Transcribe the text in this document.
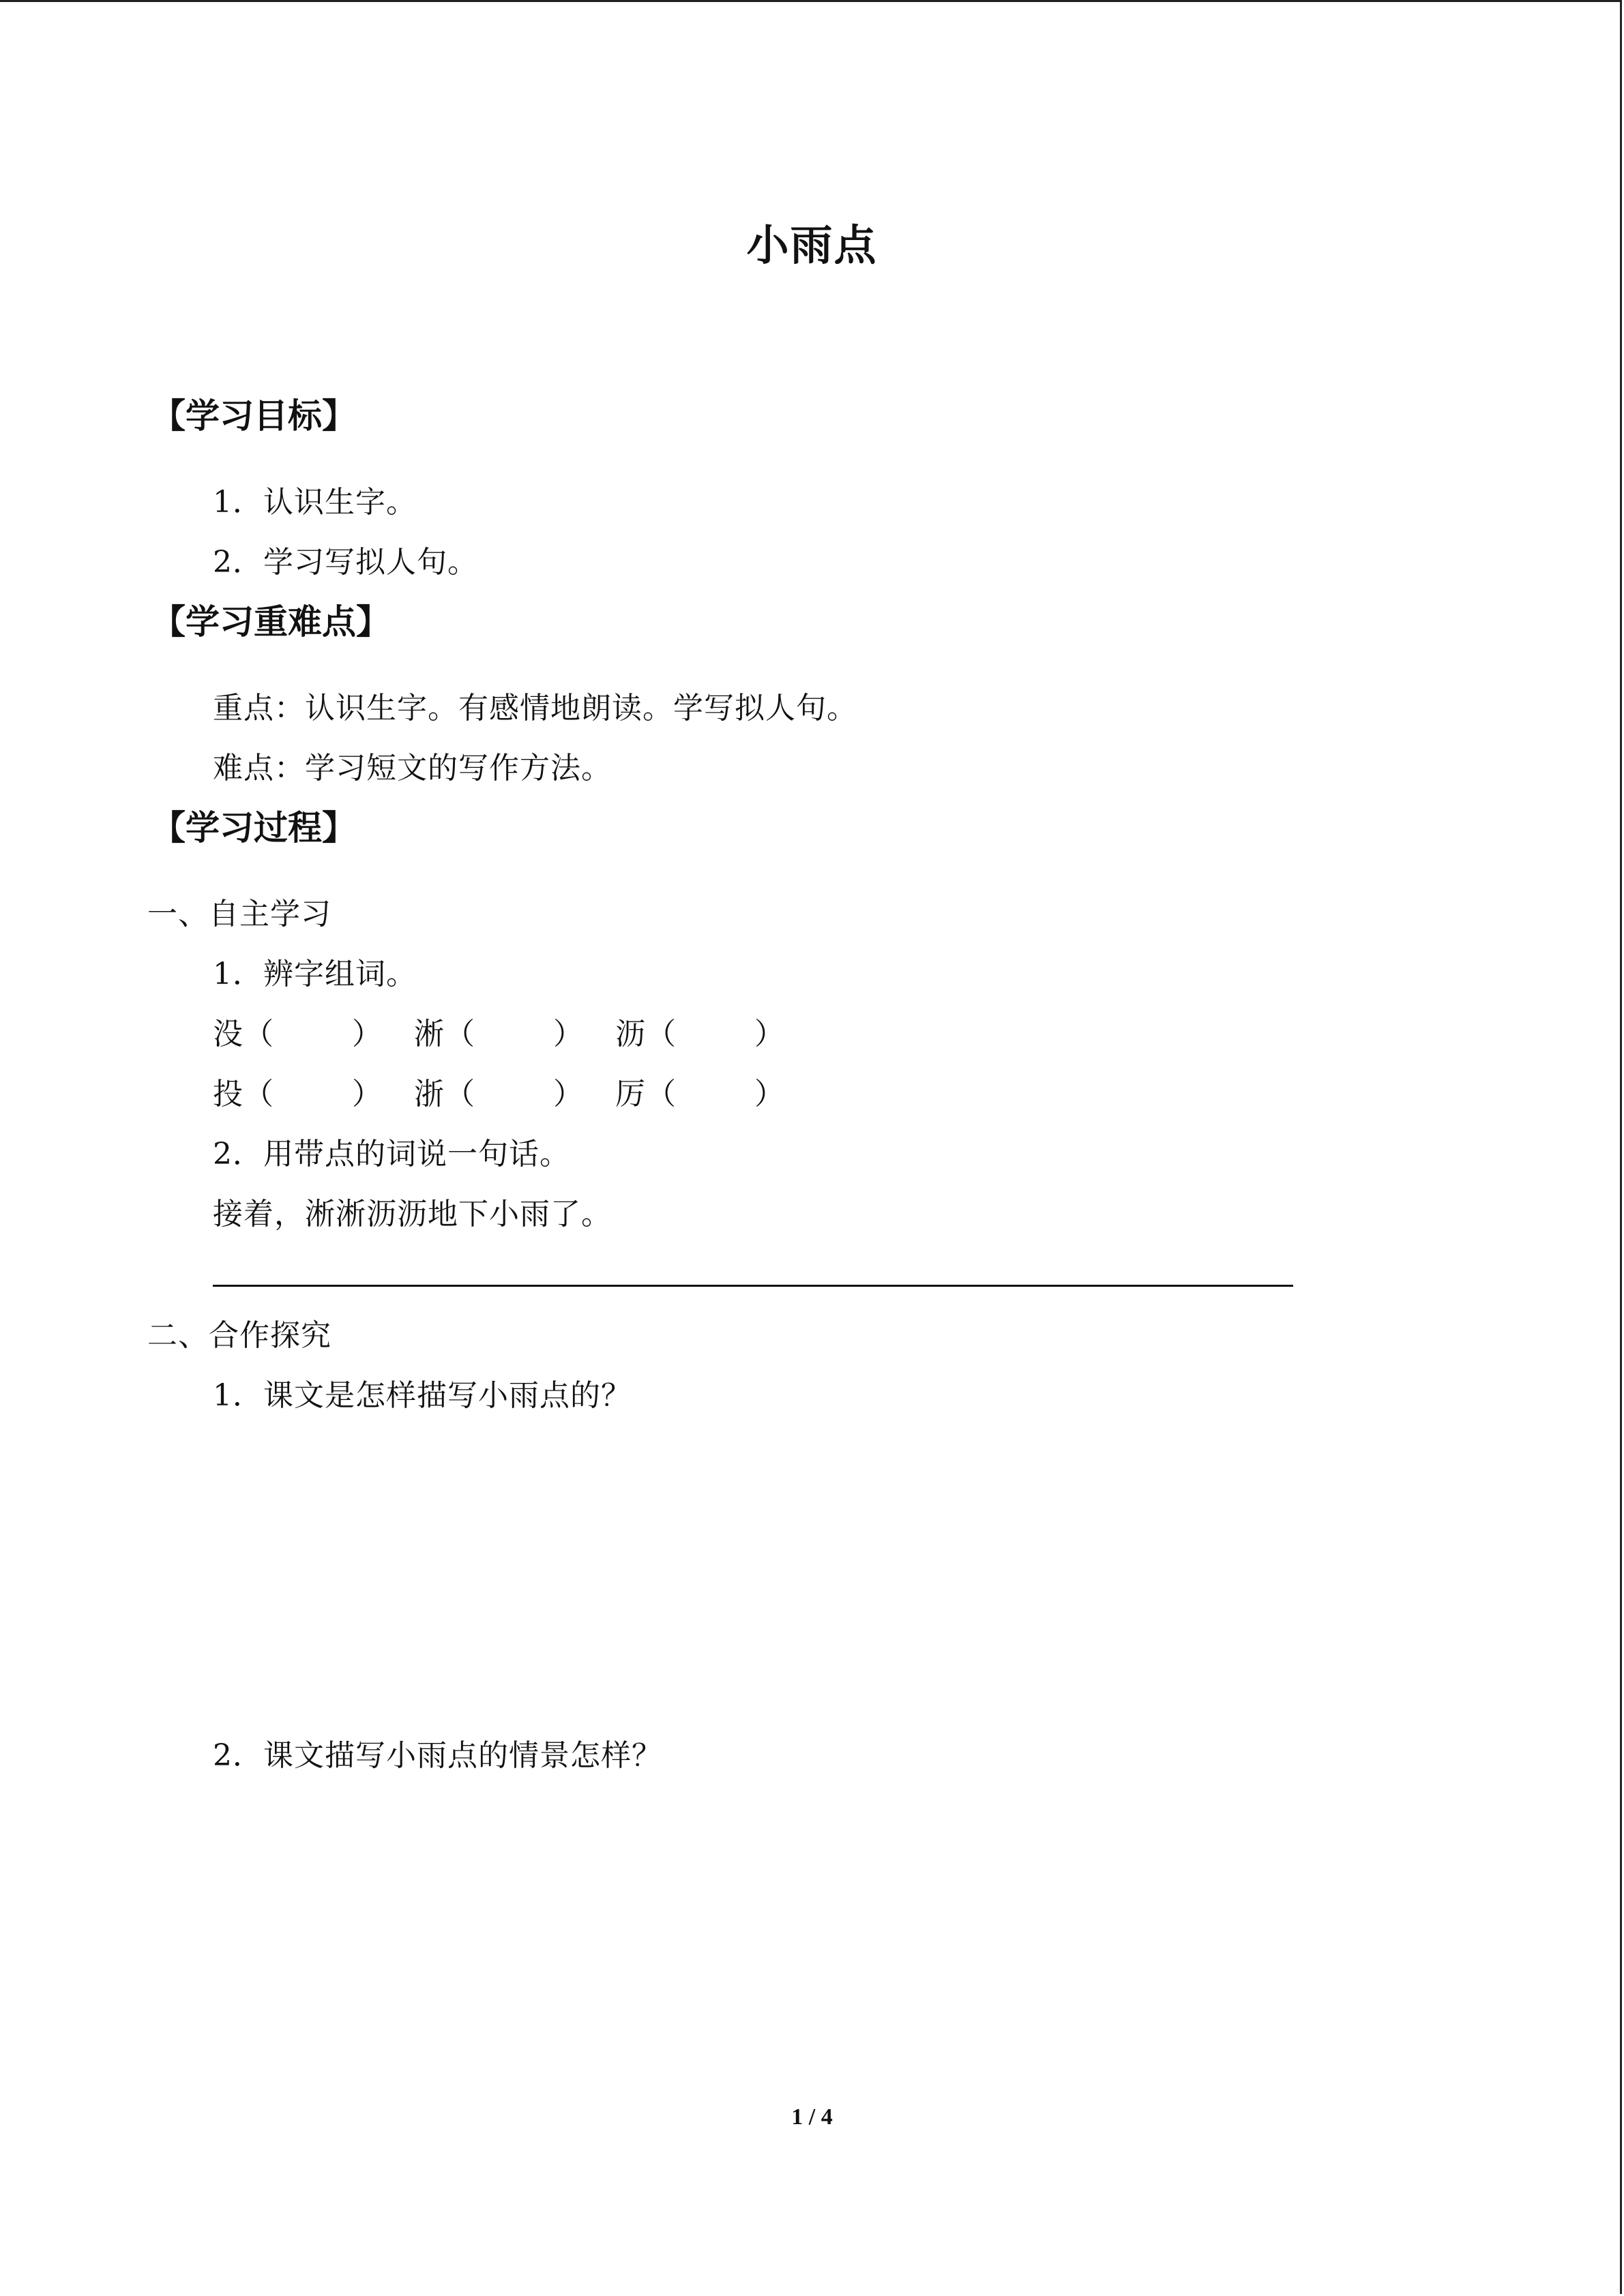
小雨点
【学习目标】
1．认识生字。
2．学习写拟人句。
【学习重难点】
重点：认识生字。有感情地朗读。学写拟人句。
难点：学习短文的写作方法。
【学习过程】
一、自主学习
1．辨字组词。
没（	） 淅（	） 沥（	）
投（	） 浙（	） 厉（	）
2．用带点的词说一句话。
接着，淅淅沥沥地下小雨了。
二、合作探究
1．课文是怎样描写小雨点的？
2．课文描写小雨点的情景怎样？
1 / 4
